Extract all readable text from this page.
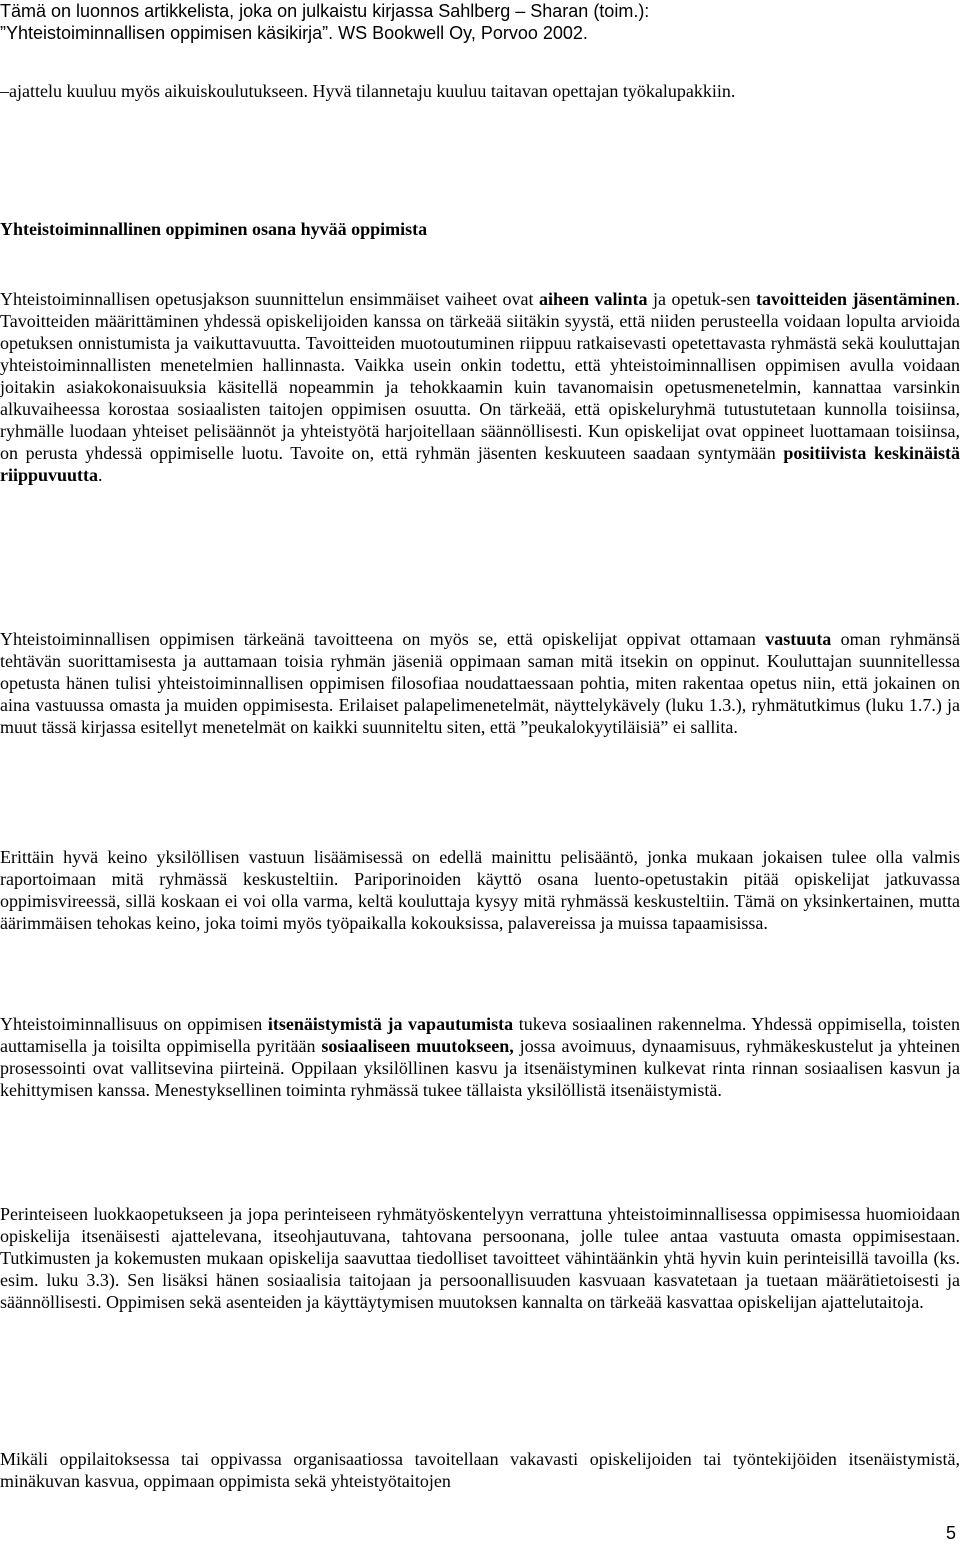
Tämä on luonnos artikkelista, joka on julkaistu kirjassa Sahlberg – Sharan (toim.):
”Yhteistoiminnallisen oppimisen käsikirja”. WS Bookwell Oy, Porvoo 2002.

–ajattelu kuuluu myös aikuiskoulutukseen. Hyvä tilannetaju kuuluu taitavan opettajan työkalupakkiin.

Yhteistoiminnallinen oppiminen osana hyvää oppimista

Yhteistoiminnallisen opetusjakson suunnittelun ensimmäiset vaiheet ovat aiheen valinta ja opetuk-sen tavoitteiden jäsentäminen. Tavoitteiden määrittäminen yhdessä opiskelijoiden kanssa on tärkeää siitäkin syystä, että niiden perusteella voidaan lopulta arvioida opetuksen onnistumista ja vaikuttavuutta. Tavoitteiden muotoutuminen riippuu ratkaisevasti opetettavasta ryhmästä sekä kouluttajan yhteistoiminnallisten menetelmien hallinnasta. Vaikka usein onkin todettu, että yhteistoiminnallisen oppimisen avulla voidaan joitakin asiakokonaisuuksia käsitellä nopeammin ja tehokkaamin kuin tavanomaisin opetusmenetelmin, kannattaa varsinkin alkuvaiheessa korostaa sosiaalisten taitojen oppimisen osuutta. On tärkeää, että opiskeluryhmä tutustutetaan kunnolla toisiinsa, ryhmälle luodaan yhteiset pelisäännöt ja yhteistyötä harjoitellaan säännöllisesti. Kun opiskelijat ovat oppineet luottamaan toisiinsa, on perusta yhdessä oppimiselle luotu. Tavoite on, että ryhmän jäsenten keskuuteen saadaan syntymään positiivista keskinäistä riippuvuutta.

Yhteistoiminnallisen oppimisen tärkeänä tavoitteena on myös se, että opiskelijat oppivat ottamaan vastuuta oman ryhmänsä tehtävän suorittamisesta ja auttamaan toisia ryhmän jäseniä oppimaan saman mitä itsekin on oppinut. Kouluttajan suunnitellessa opetusta hänen tulisi yhteistoiminnallisen oppimisen filosofiaa noudattaessaan pohtia, miten rakentaa opetus niin, että jokainen on aina vastuussa omasta ja muiden oppimisesta. Erilaiset palapelimenetelmät, näyttelykävely (luku 1.3.), ryhmätutkimus (luku 1.7.) ja muut tässä kirjassa esitellyt menetelmät on kaikki suunniteltu siten, että ”peukalokyytiläisiä” ei sallita.

Erittäin hyvä keino yksilöllisen vastuun lisäämisessä on edellä mainittu pelisääntö, jonka mukaan jokaisen tulee olla valmis raportoimaan mitä ryhmässä keskusteltiin. Pariporinoiden käyttö osana luento-opetustakin pitää opiskelijat jatkuvassa oppimisvireessä, sillä koskaan ei voi olla varma, keltä kouluttaja kysyy mitä ryhmässä keskusteltiin. Tämä on yksinkertainen, mutta äärimmäisen tehokas keino, joka toimi myös työpaikalla kokouksissa, palavereissa ja muissa tapaamisissa.

Yhteistoiminnallisuus on oppimisen itsenäistymistä ja vapautumista tukeva sosiaalinen rakennelma. Yhdessä oppimisella, toisten auttamisella ja toisilta oppimisella pyritään sosiaaliseen muutokseen, jossa avoimuus, dynaamisuus, ryhmäkeskustelut ja yhteinen prosessointi ovat vallitsevina piirteinä. Oppilaan yksilöllinen kasvu ja itsenäistyminen kulkevat rinta rinnan sosiaalisen kasvun ja kehittymisen kanssa. Menestyksellinen toiminta ryhmässä tukee tällaista yksilöllistä itsenäistymistä.

Perinteiseen luokkaopetukseen ja jopa perinteiseen ryhmätyöskentelyyn verrattuna yhteistoiminnallisessa oppimisessa huomioidaan opiskelija itsenäisesti ajattelevana, itseohjautuvana, tahtovana persoonana, jolle tulee antaa vastuuta omasta oppimisestaan. Tutkimusten ja kokemusten mukaan opiskelija saavuttaa tiedolliset tavoitteet vähintäänkin yhtä hyvin kuin perinteisillä tavoilla (ks. esim. luku 3.3). Sen lisäksi hänen sosiaalisia taitojaan ja persoonallisuuden kasvuaan kasvatetaan ja tuetaan määrätietoisesti ja säännöllisesti. Oppimisen sekä asenteiden ja käyttäytymisen muutoksen kannalta on tärkeää kasvattaa opiskelijan ajattelutaitoja.

Mikäli oppilaitoksessa tai oppivassa organisaatiossa tavoitellaan vakavasti opiskelijoiden tai työntekijöiden itsenäistymistä, minäkuvan kasvua, oppimaan oppimista sekä yhteistyötaitojen

5
